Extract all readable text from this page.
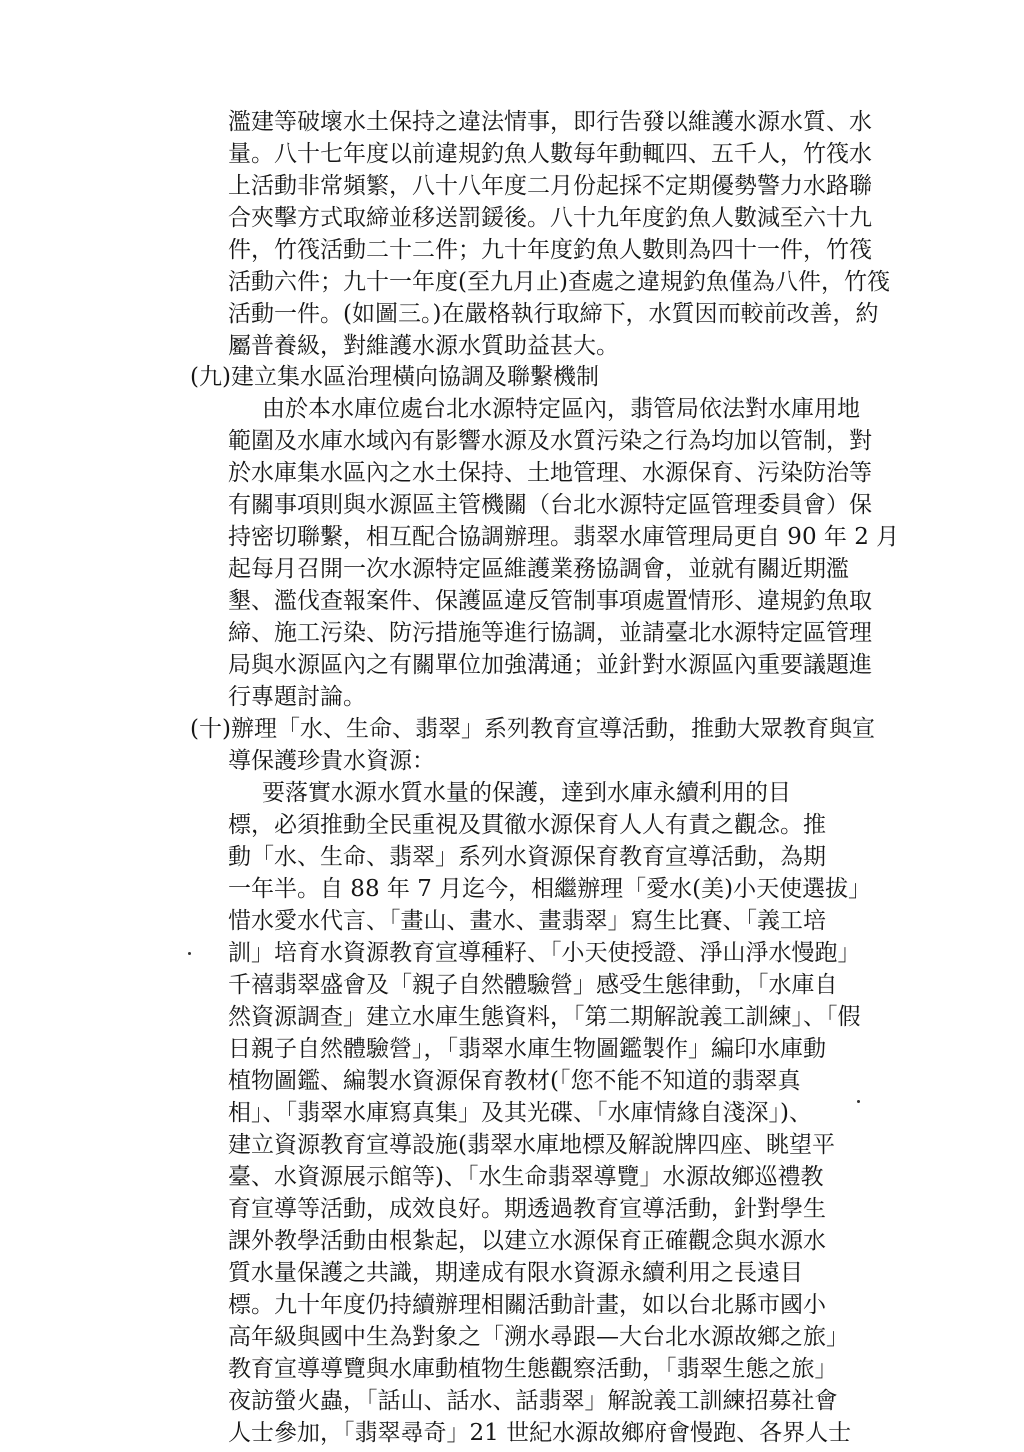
濫建等破壞水土保持之違法情事，即行告發以維護水源水質、水
量。八十七年度以前違規釣魚人數每年動輒四、五千人，竹筏水
上活動非常頻繁，八十八年度二月份起採不定期優勢警力水路聯
合夾擊方式取締並移送罰鍰後。八十九年度釣魚人數減至六十九
件，竹筏活動二十二件；九十年度釣魚人數則為四十一件，竹筏
活動六件；九十一年度(至九月止)查處之違規釣魚僅為八件，竹筏
活動一件。(如圖三。)在嚴格執行取締下，水質因而較前改善，約
屬普養級，對維護水源水質助益甚大。
(九)建立集水區治理橫向協調及聯繫機制
由於本水庫位處台北水源特定區內，翡管局依法對水庫用地
範圍及水庫水域內有影響水源及水質污染之行為均加以管制，對
於水庫集水區內之水土保持、土地管理、水源保育、污染防治等
有關事項則與水源區主管機關（台北水源特定區管理委員會）保
持密切聯繫，相互配合協調辦理。翡翠水庫管理局更自 90 年 2 月
起每月召開一次水源特定區維護業務協調會，並就有關近期濫
墾、濫伐查報案件、保護區違反管制事項處置情形、違規釣魚取
締、施工污染、防污措施等進行協調，並請臺北水源特定區管理
局與水源區內之有關單位加強溝通；並針對水源區內重要議題進
行專題討論。
(十)辦理「水、生命、翡翠」系列教育宣導活動，推動大眾教育與宣
導保護珍貴水資源：
要落實水源水質水量的保護，達到水庫永續利用的目
標，必須推動全民重視及貫徹水源保育人人有責之觀念。推
動「水、生命、翡翠」系列水資源保育教育宣導活動，為期
一年半。自 88 年 7 月迄今，相繼辦理「愛水(美)小天使選拔」
惜水愛水代言、「畫山、畫水、畫翡翠」寫生比賽、「義工培
訓」培育水資源教育宣導種籽、「小天使授證、淨山淨水慢跑」
千禧翡翠盛會及「親子自然體驗營」感受生態律動，「水庫自
然資源調查」建立水庫生態資料，「第二期解說義工訓練」、「假
日親子自然體驗營」，「翡翠水庫生物圖鑑製作」編印水庫動
植物圖鑑、編製水資源保育教材(「您不能不知道的翡翠真
相」、「翡翠水庫寫真集」及其光碟、「水庫情緣自淺深」)、
建立資源教育宣導設施(翡翠水庫地標及解說牌四座、眺望平
臺、水資源展示館等)、「水生命翡翠導覽」水源故鄉巡禮教
育宣導等活動，成效良好。期透過教育宣導活動，針對學生
課外教學活動由根紮起，以建立水源保育正確觀念與水源水
質水量保護之共識，期達成有限水資源永續利用之長遠目
標。九十年度仍持續辦理相關活動計畫，如以台北縣市國小
高年級與國中生為對象之「溯水尋跟—大台北水源故鄉之旅」
教育宣導導覽與水庫動植物生態觀察活動，「翡翠生態之旅」
夜訪螢火蟲，「話山、話水、話翡翠」解說義工訓練招募社會
人士參加，「翡翠尋奇」21 世紀水源故鄉府會慢跑、各界人士
